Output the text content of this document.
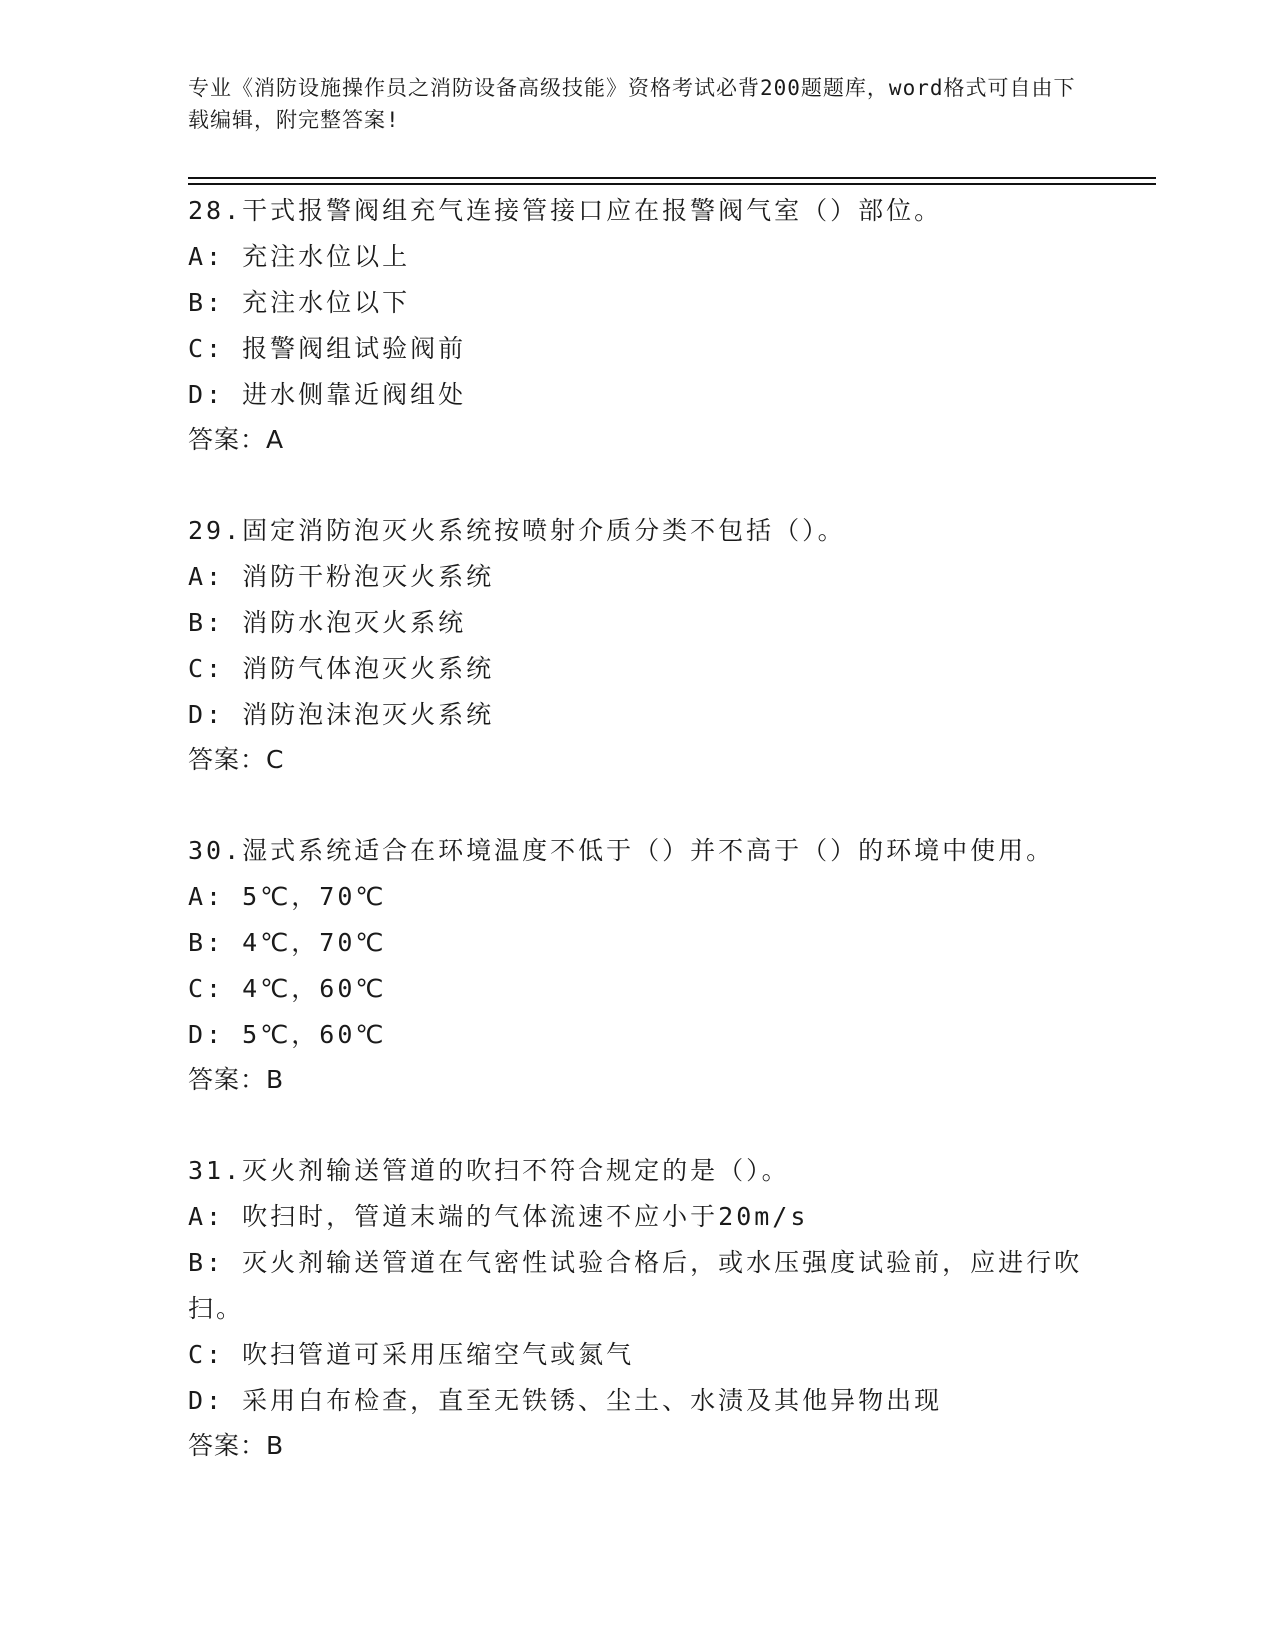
专业《消防设施操作员之消防设备高级技能》资格考试必背200题题库，word格式可自由下载编辑，附完整答案!
28.干式报警阀组充气连接管接口应在报警阀气室（）部位。
A: 充注水位以上
B: 充注水位以下
C: 报警阀组试验阀前
D: 进水侧靠近阀组处
答案：A
29.固定消防泡灭火系统按喷射介质分类不包括（）。
A: 消防干粉泡灭火系统
B: 消防水泡灭火系统
C: 消防气体泡灭火系统
D: 消防泡沫泡灭火系统
答案：C
30.湿式系统适合在环境温度不低于（）并不高于（）的环境中使用。
A: 5℃，70℃
B: 4℃，70℃
C: 4℃，60℃
D: 5℃，60℃
答案：B
31.灭火剂输送管道的吹扫不符合规定的是（）。
A: 吹扫时，管道末端的气体流速不应小于20m/s
B: 灭火剂输送管道在气密性试验合格后，或水压强度试验前，应进行吹扫。
C: 吹扫管道可采用压缩空气或氮气
D: 采用白布检查，直至无铁锈、尘土、水渍及其他异物出现
答案：B
